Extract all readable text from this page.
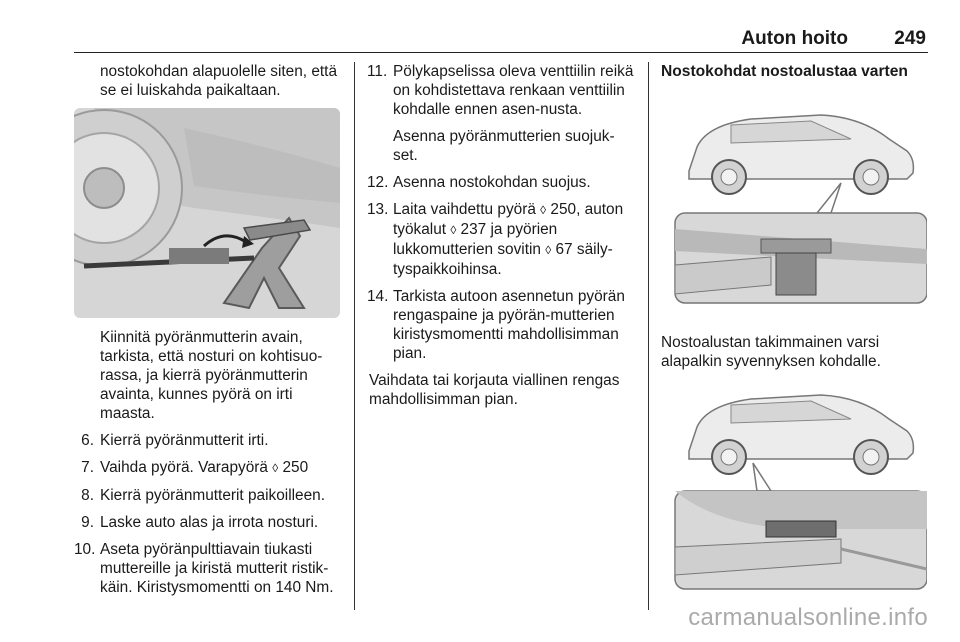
Auton hoito 249

nostokohdan alapuolelle siten, että se ei luiskahda paikaltaan.

Kiinnitä pyöränmutterin avain, tarkista, että nosturi on kohtisuo-rassa, ja kierrä pyöränmutterin avainta, kunnes pyörä on irti maasta.

6. Kierrä pyöränmutterit irti.
7. Vaihda pyörä. Varapyörä ◊ 250
8. Kierrä pyöränmutterit paikoilleen.
9. Laske auto alas ja irrota nosturi.
10. Aseta pyöränpulttiavain tiukasti muttereille ja kiristä mutterit ristik-käin. Kiristysmomentti on 140 Nm.
11. Pölykapselissa oleva venttiilin reikä on kohdistettava renkaan venttiilin kohdalle ennen asen-nusta.

Asenna pyöränmutterien suojuk-set.

12. Asenna nostokohdan suojus.
13. Laita vaihdettu pyörä ◊ 250, auton työkalut ◊ 237 ja pyörien lukkomutterien sovitin ◊ 67 säily-tyspaikkoihinsa.
14. Tarkista autoon asennetun pyörän rengaspaine ja pyörän-mutterien kiristysmomentti mahdollisimman pian.

Vaihdata tai korjauta viallinen rengas mahdollisimman pian.

Nostokohdat nostoalustaa varten

Nostoalustan takimmainen varsi alapalkin syvennyksen kohdalle.

carmanualsonline.info
